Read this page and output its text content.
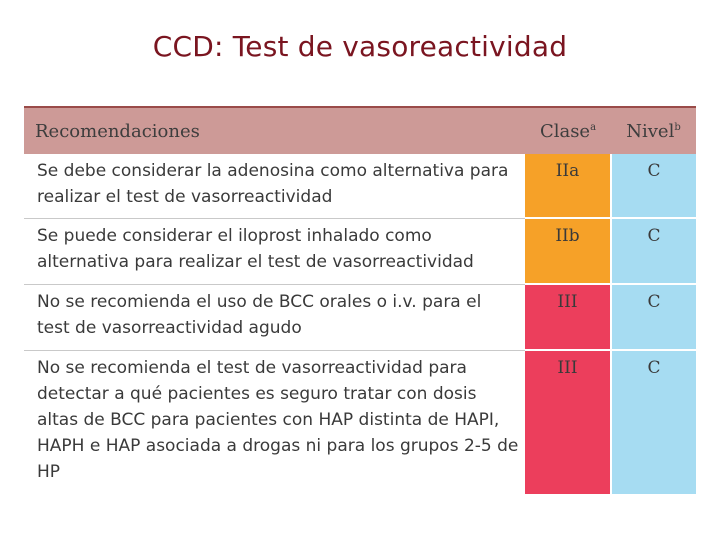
CCD: Test de vasoreactividad
Recomendaciones	Clase$^a$	Nivel$^b$
Se debe considerar la adenosina como alternativa para realizar el test de vasorreactividad	IIa	C
Se puede considerar el iloprost inhalado como alternativa para realizar el test de vasorreactividad	IIb	C
No se recomienda el uso de BCC orales o i.v. para el test de vasorreactividad agudo	III	C
No se recomienda el test de vasorreactividad para detectar a qué pacientes es seguro tratar con dosis altas de BCC para pacientes con HAP distinta de HAPI, HAPH e HAP asociada a drogas ni para los grupos 2-5 de HP	III	C
